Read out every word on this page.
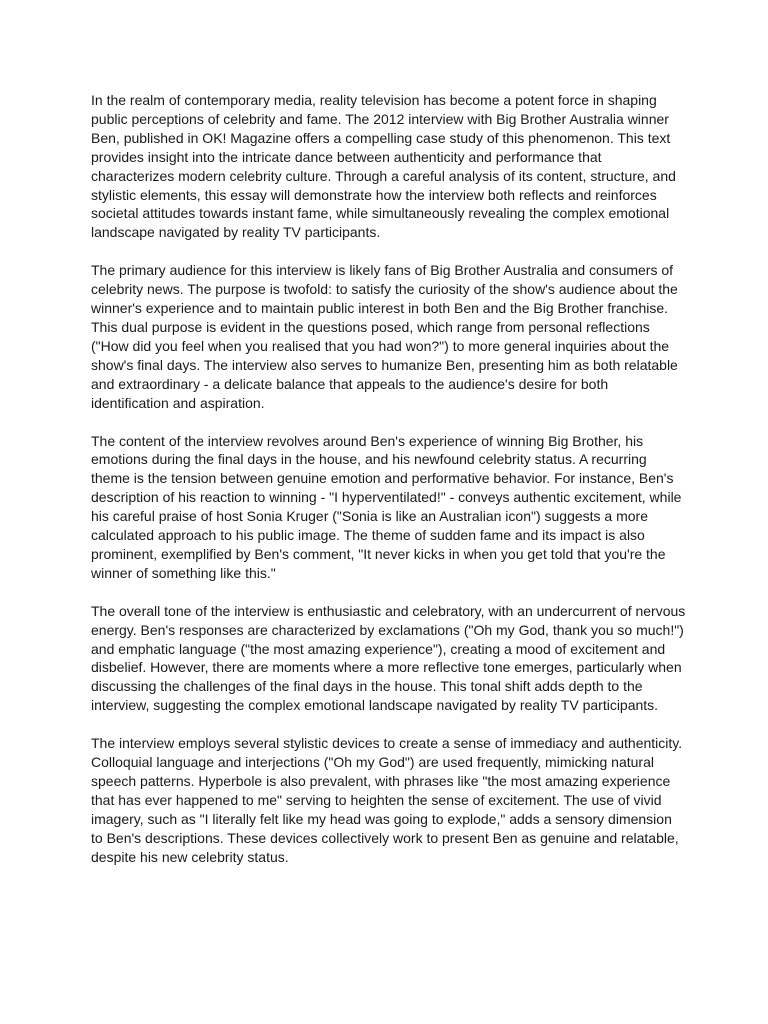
In the realm of contemporary media, reality television has become a potent force in shaping public perceptions of celebrity and fame. The 2012 interview with Big Brother Australia winner Ben, published in OK! Magazine offers a compelling case study of this phenomenon. This text provides insight into the intricate dance between authenticity and performance that characterizes modern celebrity culture. Through a careful analysis of its content, structure, and stylistic elements, this essay will demonstrate how the interview both reflects and reinforces societal attitudes towards instant fame, while simultaneously revealing the complex emotional landscape navigated by reality TV participants.

The primary audience for this interview is likely fans of Big Brother Australia and consumers of celebrity news. The purpose is twofold: to satisfy the curiosity of the show's audience about the winner's experience and to maintain public interest in both Ben and the Big Brother franchise. This dual purpose is evident in the questions posed, which range from personal reflections ("How did you feel when you realised that you had won?") to more general inquiries about the show's final days. The interview also serves to humanize Ben, presenting him as both relatable and extraordinary - a delicate balance that appeals to the audience's desire for both identification and aspiration.

The content of the interview revolves around Ben's experience of winning Big Brother, his emotions during the final days in the house, and his newfound celebrity status. A recurring theme is the tension between genuine emotion and performative behavior. For instance, Ben's description of his reaction to winning - "I hyperventilated!" - conveys authentic excitement, while his careful praise of host Sonia Kruger ("Sonia is like an Australian icon") suggests a more calculated approach to his public image. The theme of sudden fame and its impact is also prominent, exemplified by Ben's comment, "It never kicks in when you get told that you're the winner of something like this."

The overall tone of the interview is enthusiastic and celebratory, with an undercurrent of nervous energy. Ben's responses are characterized by exclamations ("Oh my God, thank you so much!") and emphatic language ("the most amazing experience"), creating a mood of excitement and disbelief. However, there are moments where a more reflective tone emerges, particularly when discussing the challenges of the final days in the house. This tonal shift adds depth to the interview, suggesting the complex emotional landscape navigated by reality TV participants.

The interview employs several stylistic devices to create a sense of immediacy and authenticity. Colloquial language and interjections ("Oh my God") are used frequently, mimicking natural speech patterns. Hyperbole is also prevalent, with phrases like "the most amazing experience that has ever happened to me" serving to heighten the sense of excitement. The use of vivid imagery, such as "I literally felt like my head was going to explode," adds a sensory dimension to Ben's descriptions. These devices collectively work to present Ben as genuine and relatable, despite his new celebrity status.
